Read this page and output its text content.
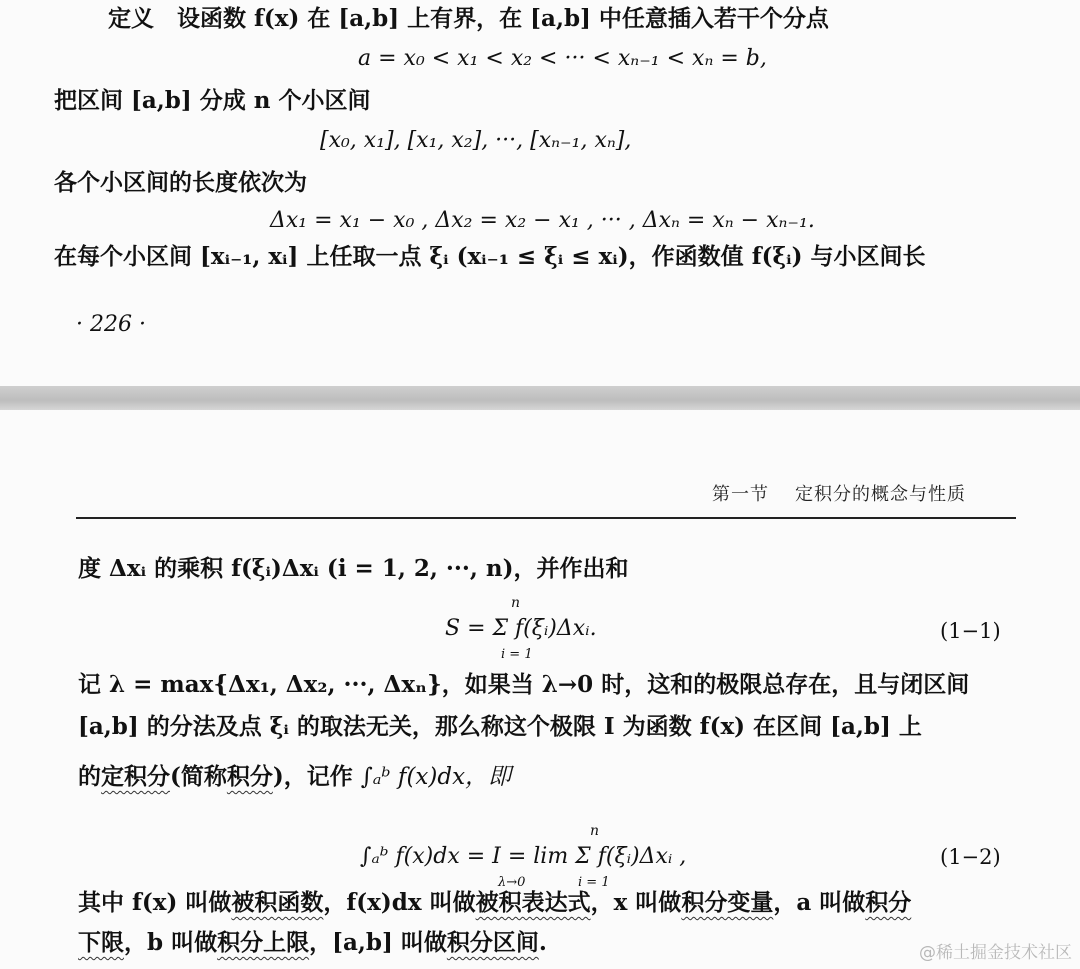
定义　设函数 f(x) 在 [a,b] 上有界，在 [a,b] 中任意插入若干个分点
a = x₀ < x₁ < x₂ < ··· < xₙ₋₁ < xₙ = b,
把区间 [a,b] 分成 n 个小区间
[x₀, x₁], [x₁, x₂], ···, [xₙ₋₁, xₙ],
各个小区间的长度依次为
Δx₁ = x₁ − x₀ , Δx₂ = x₂ − x₁ , ··· , Δxₙ = xₙ − xₙ₋₁.
在每个小区间 [xᵢ₋₁, xᵢ] 上任取一点 ξᵢ (xᵢ₋₁ ≤ ξᵢ ≤ xᵢ)，作函数值 f(ξᵢ) 与小区间长
· 226 ·
第一节 定积分的概念与性质
度 Δxᵢ 的乘积 f(ξᵢ)Δxᵢ (i = 1, 2, ···, n)，并作出和
n
S = Σ f(ξᵢ)Δxᵢ.
i = 1
(1−1)
记 λ = max{Δx₁, Δx₂, ···, Δxₙ}，如果当 λ→0 时，这和的极限总存在，且与闭区间
[a,b] 的分法及点 ξᵢ 的取法无关，那么称这个极限 I 为函数 f(x) 在区间 [a,b] 上
的定积分(简称积分)，记作 ∫ₐᵇ f(x)dx，即
∫ₐᵇ f(x)dx = I = lim Σ f(ξᵢ)Δxᵢ ,
λ→0
n
i = 1
(1−2)
其中 f(x) 叫做被积函数，f(x)dx 叫做被积表达式，x 叫做积分变量，a 叫做积分
下限，b 叫做积分上限，[a,b] 叫做积分区间.	@稀土掘金技术社区
